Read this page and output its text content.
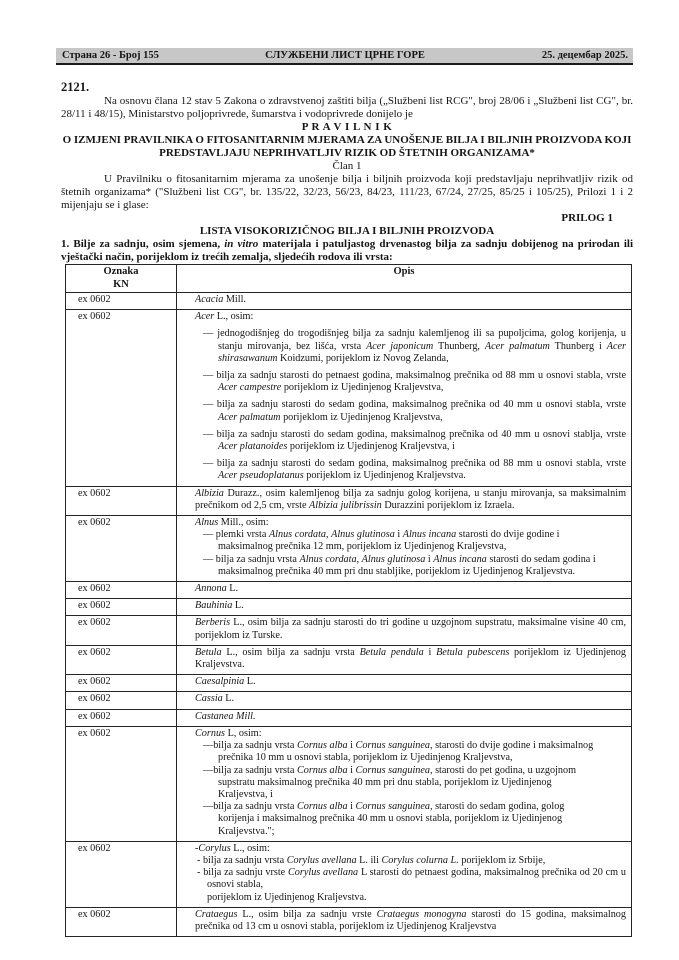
Страна 26 - Број 155	СЛУЖБЕНИ ЛИСТ ЦРНЕ ГОРЕ	25. децембар 2025.

2121.

Na osnovu člana 12 stav 5 Zakona o zdravstvenoj zaštiti bilja („Službeni list RCG", broj 28/06 i „Službeni list CG", br. 28/11 i 48/15), Ministarstvo poljoprivrede, šumarstva i vodoprivrede donijelo je

P R A V I L N I K

O IZMJENI PRAVILNIKA O FITOSANITARNIM MJERAMA ZA UNOŠENJE BILJA I BILJNIH PROIZVODA KOJI PREDSTAVLJAJU NEPRIHVATLJIV RIZIK OD ŠTETNIH ORGANIZAMA*

Član 1

U Pravilniku o fitosanitarnim mjerama za unošenje bilja i biljnih proizvoda koji predstavljaju neprihvatljiv rizik od štetnih organizama* ("Službeni list CG", br. 135/22, 32/23, 56/23, 84/23, 111/23, 67/24, 27/25, 85/25 i 105/25), Prilozi 1 i 2 mijenjaju se i glase:

PRILOG 1

LISTA VISOKORIZIČNOG BILJA I BILJNIH PROIZVODA

1. Bilje za sadnju, osim sjemena, in vitro materijala i patuljastog drvenastog bilja za sadnju dobijenog na prirodan ili vještački način, porijeklom iz trećih zemalja, sljedećih rodova ili vrsta:

Oznaka
KN	Opis
ex 0602	Acacia Mill.

ex 0602	Acer L., osim:
— jednogodišnjeg do trogodišnjeg bilja za sadnju kalemljenog ili sa pupoljcima, golog korijenja, u stanju mirovanja, bez lišća, vrsta Acer japonicum Thunberg, Acer palmatum Thunberg i Acer shirasawanum Koidzumi, porijeklom iz Novog Zelanda,
— bilja za sadnju starosti do petnaest godina, maksimalnog prečnika od 88 mm u osnovi stabla, vrste Acer campestre porijeklom iz Ujedinjenog Kraljevstva,
— bilja za sadnju starosti do sedam godina, maksimalnog prečnika od 40 mm u osnovi stabla, vrste Acer palmatum porijeklom iz Ujedinjenog Kraljevstva,
— bilja za sadnju starosti do sedam godina, maksimalnog prečnika od 40 mm u osnovi stablja, vrste Acer platanoides porijeklom iz Ujedinjenog Kraljevstva, i
— bilja za sadnju starosti do sedam godina, maksimalnog prečnika od 88 mm u osnovi stabla, vrste Acer pseudoplatanus porijeklom iz Ujedinjenog Kraljevstva.

ex 0602	Albizia Durazz., osim kalemljenog bilja za sadnju golog korijena, u stanju mirovanja, sa maksimalnim prečnikom od 2,5 cm, vrste Albizia julibrissin Durazzini porijeklom iz Izraela.

ex 0602	Alnus Mill., osim:
— plemki vrsta Alnus cordata, Alnus glutinosa i Alnus incana starosti do dvije godine i
maksimalnog prečnika 12 mm, porijeklom iz Ujedinjenog Kraljevstva,
— bilja za sadnju vrsta Alnus cordata, Alnus glutinosa i Alnus incana starosti do sedam godina i
maksimalnog prečnika 40 mm pri dnu stabljike, porijeklom iz Ujedinjenog Kraljevstva.

ex 0602	Annona L.

ex 0602	Bauhinia L.

ex 0602	Berberis L., osim bilja za sadnju starosti do tri godine u uzgojnom supstratu, maksimalne visine 40 cm, porijeklom iz Turske.

ex 0602	Betula L., osim bilja za sadnju vrsta Betula pendula i Betula pubescens porijeklom iz Ujedinjenog Kraljevstva.

ex 0602	Caesalpinia L.

ex 0602	Cassia L.

ex 0602	Castanea Mill.

ex 0602	Cornus L, osim:
—bilja za sadnju vrsta Cornus alba i Cornus sanguinea, starosti do dvije godine i maksimalnog
prečnika 10 mm u osnovi stabla, porijeklom iz Ujedinjenog Kraljevstva,
—bilja za sadnju vrsta Cornus alba i Cornus sanguinea, starosti do pet godina, u uzgojnom
supstratu maksimalnog prečnika 40 mm pri dnu stabla, porijeklom iz Ujedinjenog
Kraljevstva, i
—bilja za sadnju vrsta Cornus alba i Cornus sanguinea, starosti do sedam godina, golog
korijenja i maksimalnog prečnika 40 mm u osnovi stabla, porijeklom iz Ujedinjenog
Kraljevstva.";

ex 0602	-Corylus L., osim:
- bilja za sadnju vrsta Corylus avellana L. ili Corylus colurna L. porijeklom iz Srbije,
- bilja za sadnju vrste Corylus avellana L starosti do petnaest godina, maksimalnog prečnika od 20 cm u osnovi stabla,
porijeklom iz Ujedinjenog Kraljevstva.

ex 0602	Crataegus L., osim bilja za sadnju vrste Crataegus monogyna starosti do 15 godina, maksimalnog prečnika od 13 cm u osnovi stabla, porijeklom iz Ujedinjenog Kraljevstva
